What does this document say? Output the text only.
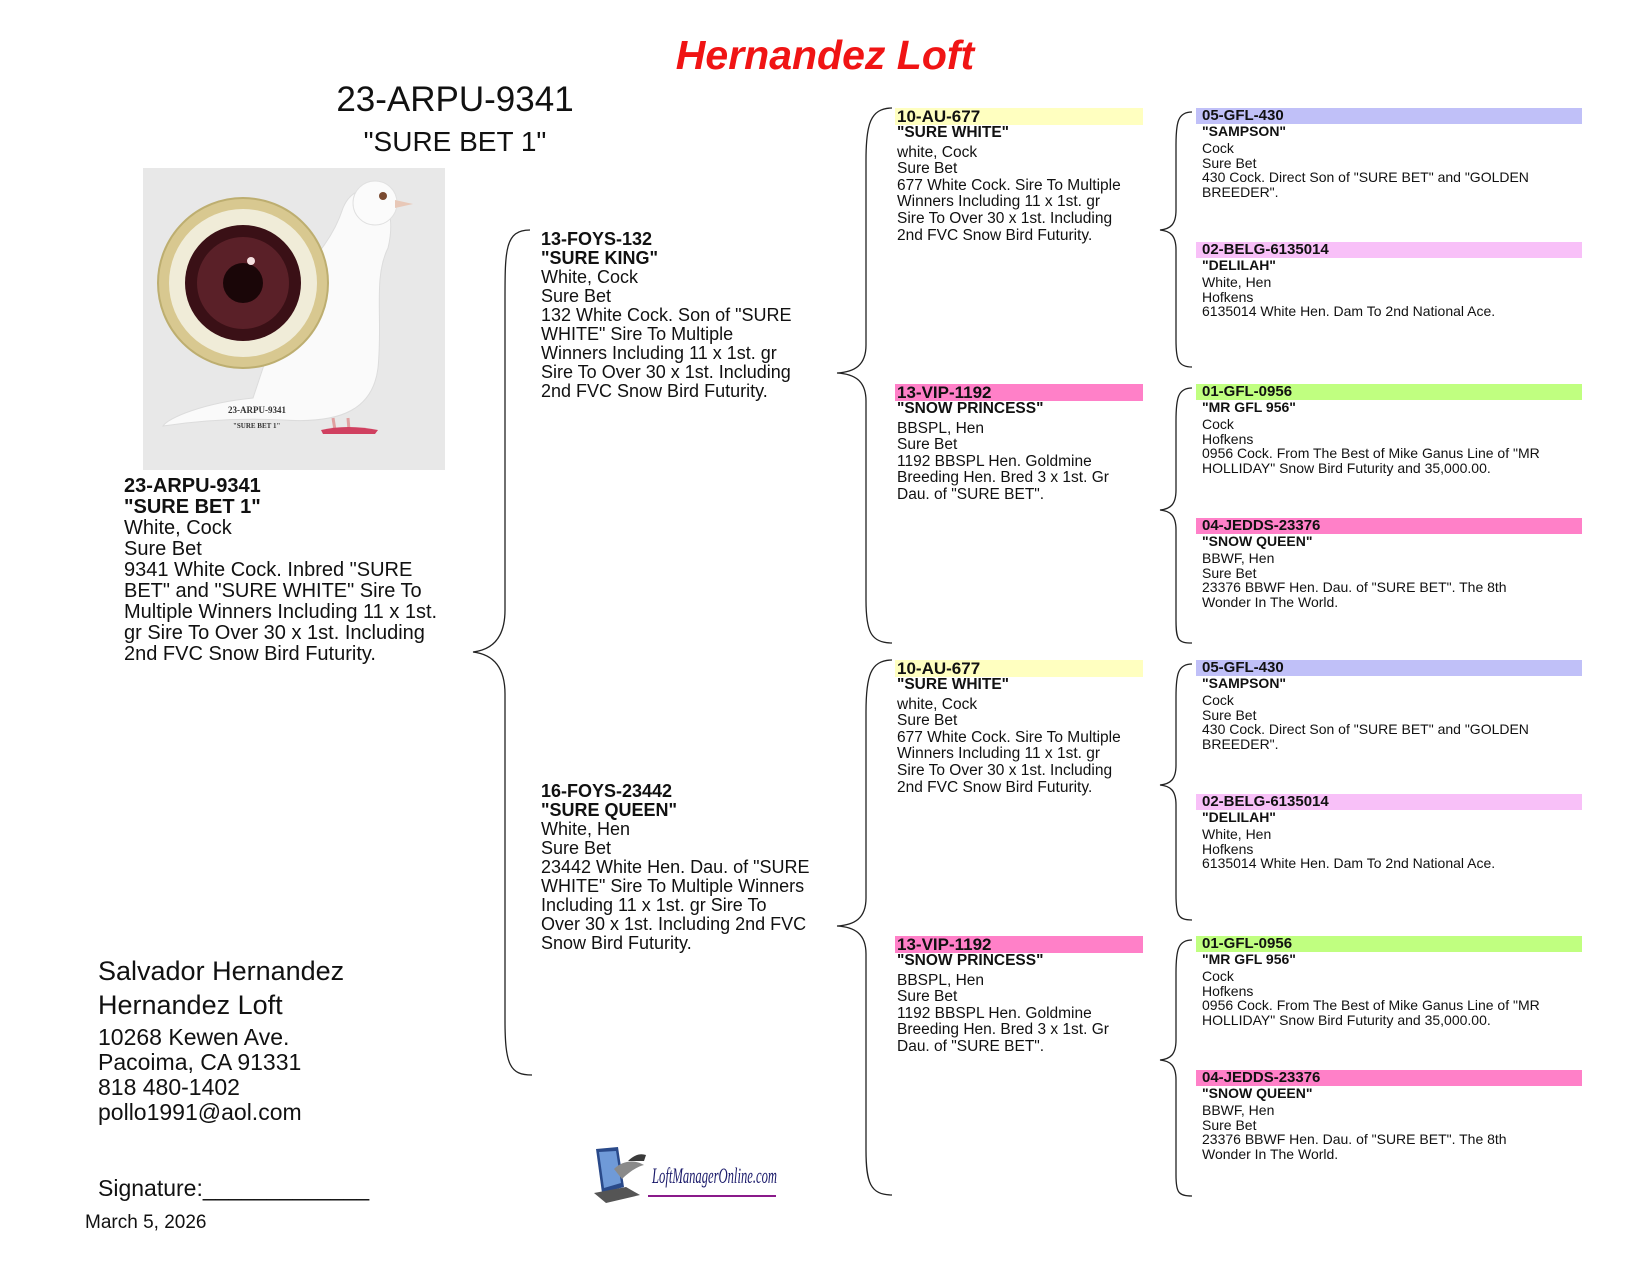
Hernandez Loft
23-ARPU-9341
"SURE BET 1"
23-ARPU-9341
"SURE BET 1"
23-ARPU-9341
"SURE BET 1"
White, Cock
Sure Bet
9341 White Cock. Inbred "SURE
BET" and "SURE WHITE" Sire To
Multiple Winners Including 11 x 1st.
gr Sire To Over 30 x 1st. Including
2nd FVC Snow Bird Futurity.
13-FOYS-132
"SURE KING"
White, Cock
Sure Bet
132 White Cock. Son of "SURE
WHITE" Sire To Multiple
Winners Including 11 x 1st. gr
Sire To Over 30 x 1st. Including
2nd FVC Snow Bird Futurity.
16-FOYS-23442
"SURE QUEEN"
White, Hen
Sure Bet
23442 White Hen. Dau. of "SURE
WHITE" Sire To Multiple Winners
Including 11 x 1st. gr Sire To
Over 30 x 1st. Including 2nd FVC
Snow Bird Futurity.
10-AU-677
"SURE WHITE"
white, Cock
Sure Bet
677 White Cock. Sire To Multiple
Winners Including 11 x 1st. gr
Sire To Over 30 x 1st. Including
2nd FVC Snow Bird Futurity.
13-VIP-1192
"SNOW PRINCESS"
BBSPL, Hen
Sure Bet
1192 BBSPL Hen. Goldmine
Breeding Hen. Bred 3 x 1st. Gr
Dau. of "SURE BET".
10-AU-677
"SURE WHITE"
white, Cock
Sure Bet
677 White Cock. Sire To Multiple
Winners Including 11 x 1st. gr
Sire To Over 30 x 1st. Including
2nd FVC Snow Bird Futurity.
13-VIP-1192
"SNOW PRINCESS"
BBSPL, Hen
Sure Bet
1192 BBSPL Hen. Goldmine
Breeding Hen. Bred 3 x 1st. Gr
Dau. of "SURE BET".
05-GFL-430
"SAMPSON"
Cock
Sure Bet
430 Cock. Direct Son of "SURE BET" and "GOLDEN
BREEDER".
02-BELG-6135014
"DELILAH"
White, Hen
Hofkens
6135014 White Hen. Dam To 2nd National Ace.
01-GFL-0956
"MR GFL 956"
Cock
Hofkens
0956 Cock. From The Best of Mike Ganus Line of "MR
HOLLIDAY" Snow Bird Futurity and 35,000.00.
04-JEDDS-23376
"SNOW QUEEN"
BBWF, Hen
Sure Bet
23376 BBWF Hen. Dau. of "SURE BET". The 8th
Wonder In The World.
05-GFL-430
"SAMPSON"
Cock
Sure Bet
430 Cock. Direct Son of "SURE BET" and "GOLDEN
BREEDER".
02-BELG-6135014
"DELILAH"
White, Hen
Hofkens
6135014 White Hen. Dam To 2nd National Ace.
01-GFL-0956
"MR GFL 956"
Cock
Hofkens
0956 Cock. From The Best of Mike Ganus Line of "MR
HOLLIDAY" Snow Bird Futurity and 35,000.00.
04-JEDDS-23376
"SNOW QUEEN"
BBWF, Hen
Sure Bet
23376 BBWF Hen. Dau. of "SURE BET". The 8th
Wonder In The World.
Salvador Hernandez
Hernandez Loft
10268 Kewen Ave.
Pacoima, CA 91331
818 480-1402
pollo1991@aol.com
Signature:_____________
March 5, 2026
LoftManagerOnline.com
